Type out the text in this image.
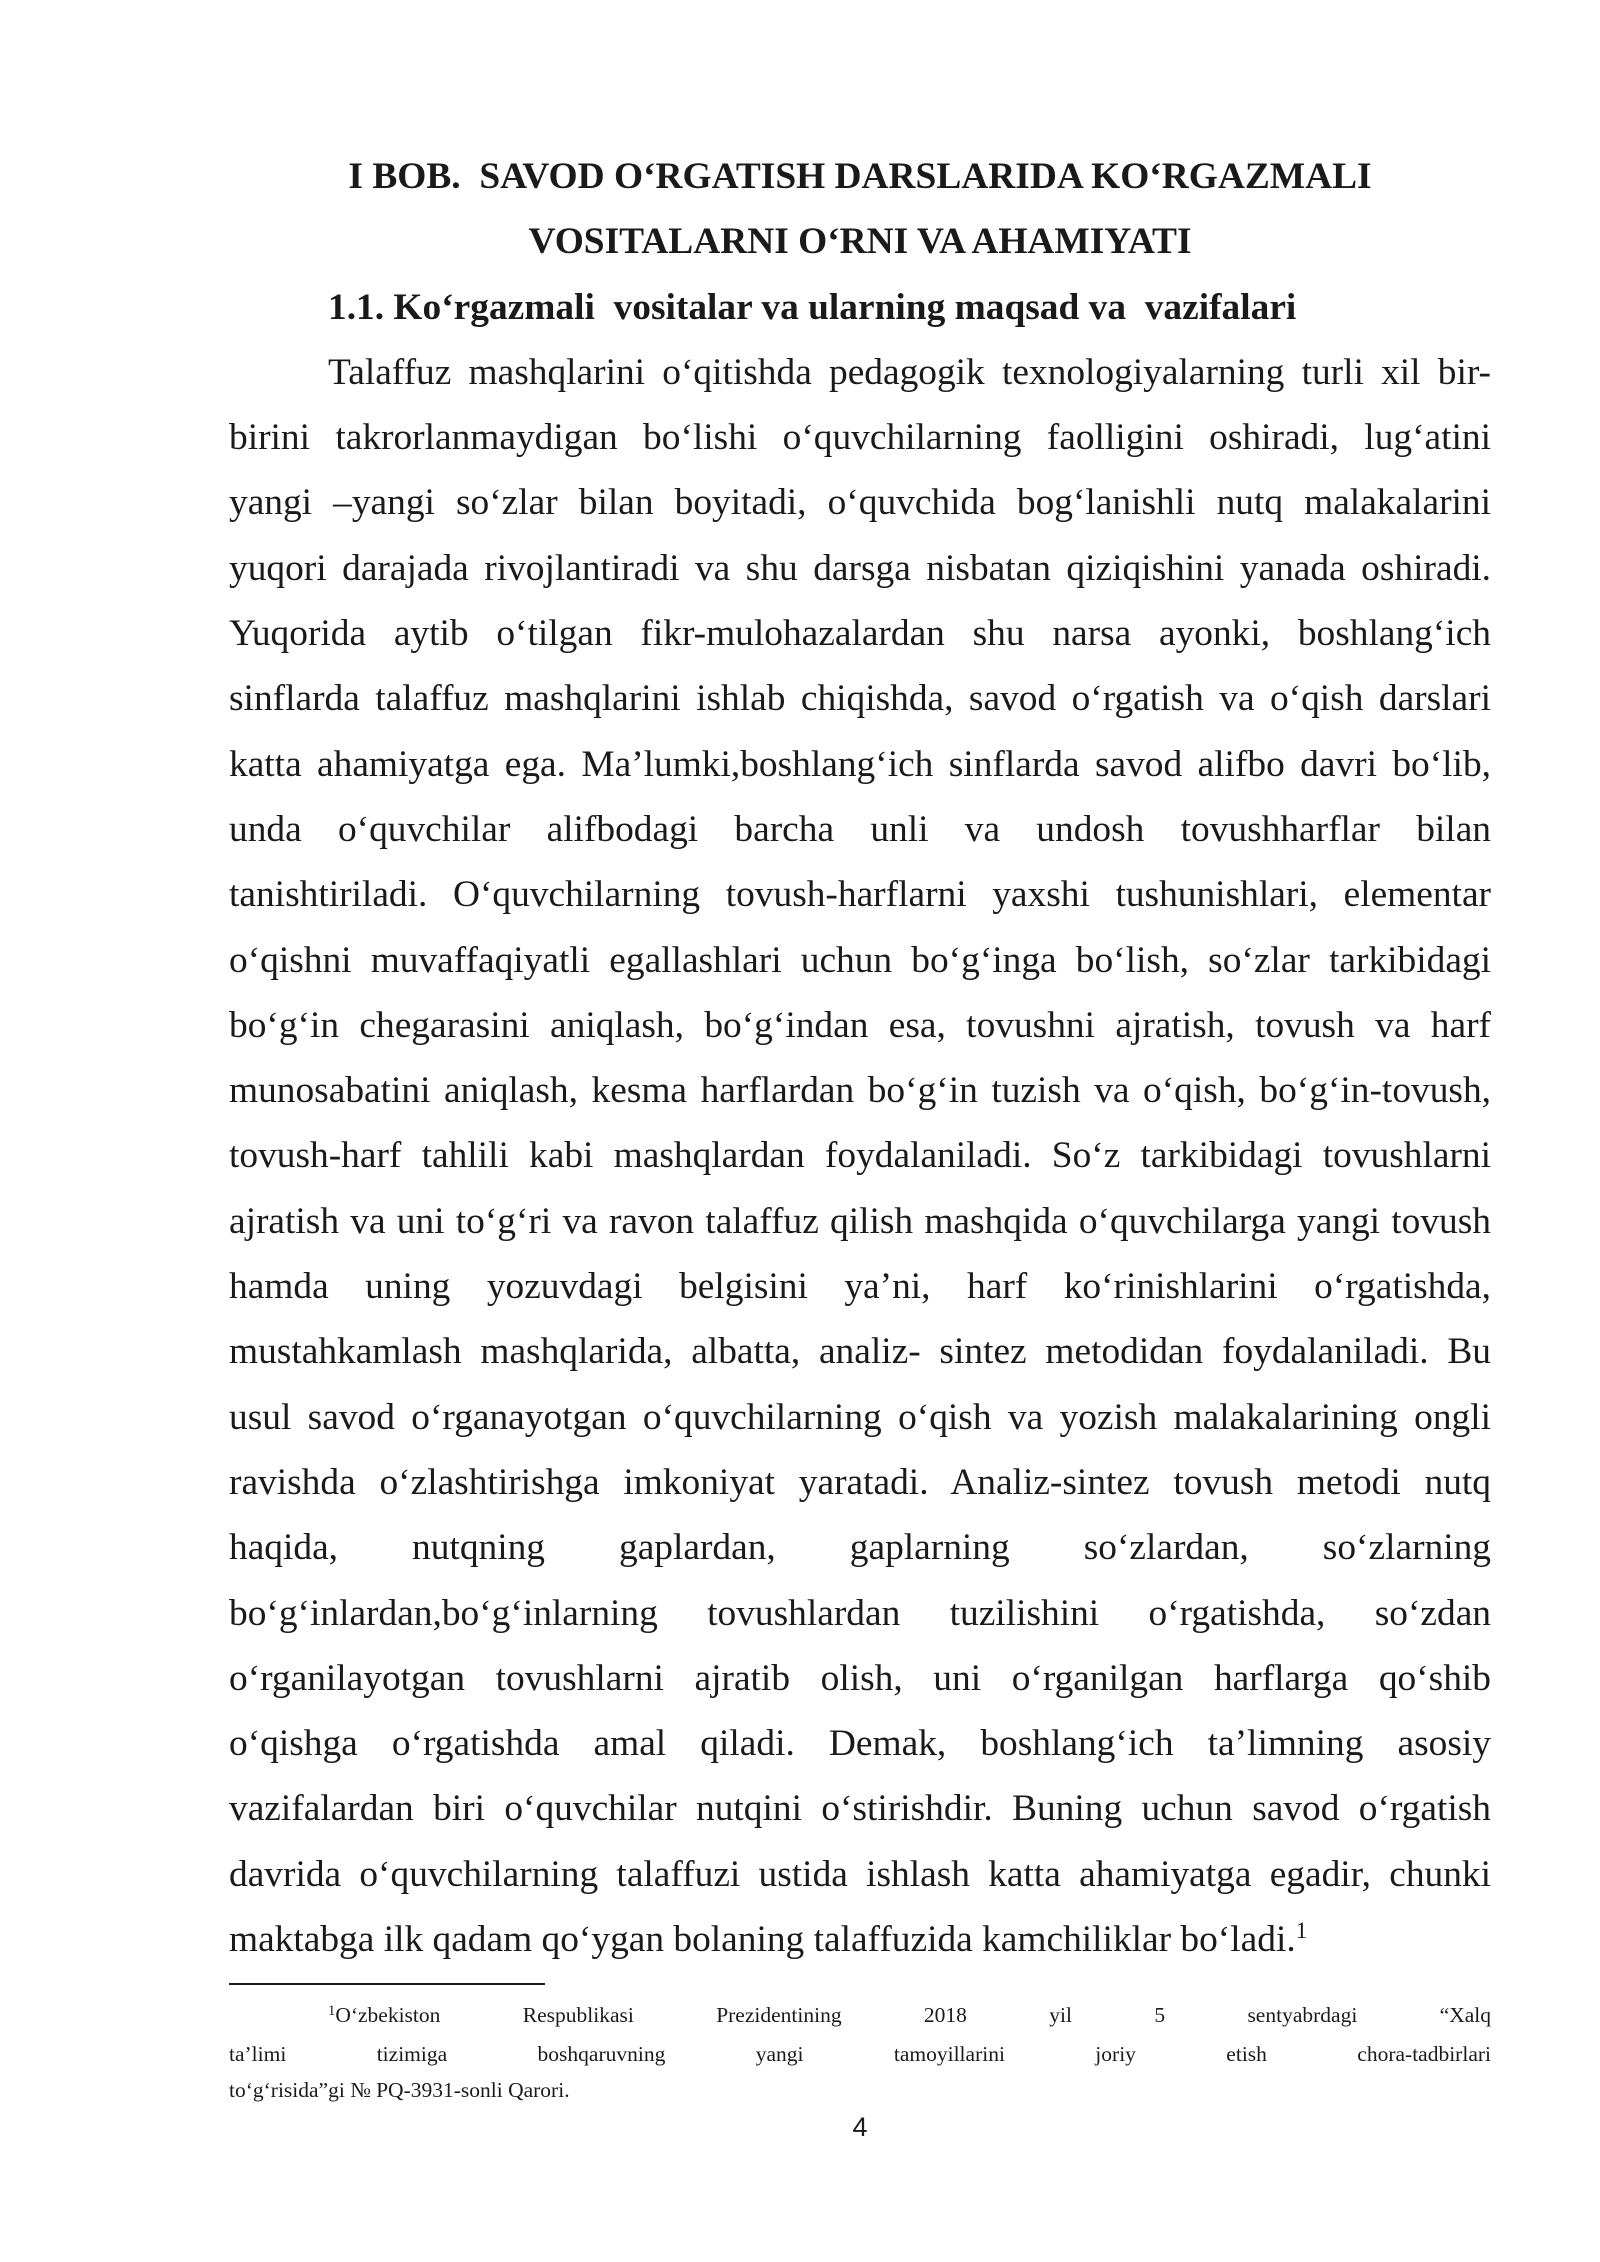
I BOB.  SAVOD O‘RGATISH DARSLARIDA KO‘RGAZMALI
VOSITALARNI O‘RNI VA AHAMIYATI
1.1. Ko‘rgazmali  vositalar va ularning maqsad va  vazifalari
Talaffuz mashqlarini o‘qitishda pedagogik texnologiyalarning turli xil bir-
birini takrorlanmaydigan bo‘lishi o‘quvchilarning faolligini oshiradi, lug‘atini
yangi –yangi so‘zlar bilan boyitadi, o‘quvchida bog‘lanishli nutq malakalarini
yuqori darajada rivojlantiradi va shu darsga nisbatan qiziqishini yanada oshiradi.
Yuqorida aytib o‘tilgan fikr-mulohazalardan shu narsa ayonki, boshlang‘ich
sinflarda talaffuz mashqlarini ishlab chiqishda, savod o‘rgatish va o‘qish darslari
katta ahamiyatga ega. Ma’lumki,boshlang‘ich sinflarda savod alifbo davri bo‘lib,
unda o‘quvchilar alifbodagi barcha unli va undosh tovushharflar bilan
tanishtiriladi. O‘quvchilarning tovush-harflarni yaxshi tushunishlari, elementar
o‘qishni muvaffaqiyatli egallashlari uchun bo‘g‘inga bo‘lish, so‘zlar tarkibidagi
bo‘g‘in chegarasini aniqlash, bo‘g‘indan esa, tovushni ajratish, tovush va harf
munosabatini aniqlash, kesma harflardan bo‘g‘in tuzish va o‘qish, bo‘g‘in-tovush,
tovush-harf tahlili kabi mashqlardan foydalaniladi. So‘z tarkibidagi tovushlarni
ajratish va uni to‘g‘ri va ravon talaffuz qilish mashqida o‘quvchilarga yangi tovush
hamda uning yozuvdagi belgisini ya’ni, harf ko‘rinishlarini o‘rgatishda,
mustahkamlash mashqlarida, albatta, analiz- sintez metodidan foydalaniladi. Bu
usul savod o‘rganayotgan o‘quvchilarning o‘qish va yozish malakalarining ongli
ravishda o‘zlashtirishga imkoniyat yaratadi. Analiz-sintez tovush metodi nutq
haqida, nutqning gaplardan, gaplarning so‘zlardan, so‘zlarning
bo‘g‘inlardan,bo‘g‘inlarning tovushlardan tuzilishini o‘rgatishda, so‘zdan
o‘rganilayotgan tovushlarni ajratib olish, uni o‘rganilgan harflarga qo‘shib
o‘qishga o‘rgatishda amal qiladi. Demak, boshlang‘ich ta’limning asosiy
vazifalardan biri o‘quvchilar nutqini o‘stirishdir. Buning uchun savod o‘rgatish
davrida o‘quvchilarning talaffuzi ustida ishlash katta ahamiyatga egadir, chunki
maktabga ilk qadam qo‘ygan bolaning talaffuzida kamchiliklar bo‘ladi.$^1$
$^1$O‘zbekiston Respublikasi Prezidentining 2018 yil 5 sentyabrdagi “Xalq
ta’limi tizimiga boshqaruvning yangi tamoyillarini joriy etish chora-tadbirlari
to‘g‘risida”gi № PQ-3931-sonli Qarori.
4
